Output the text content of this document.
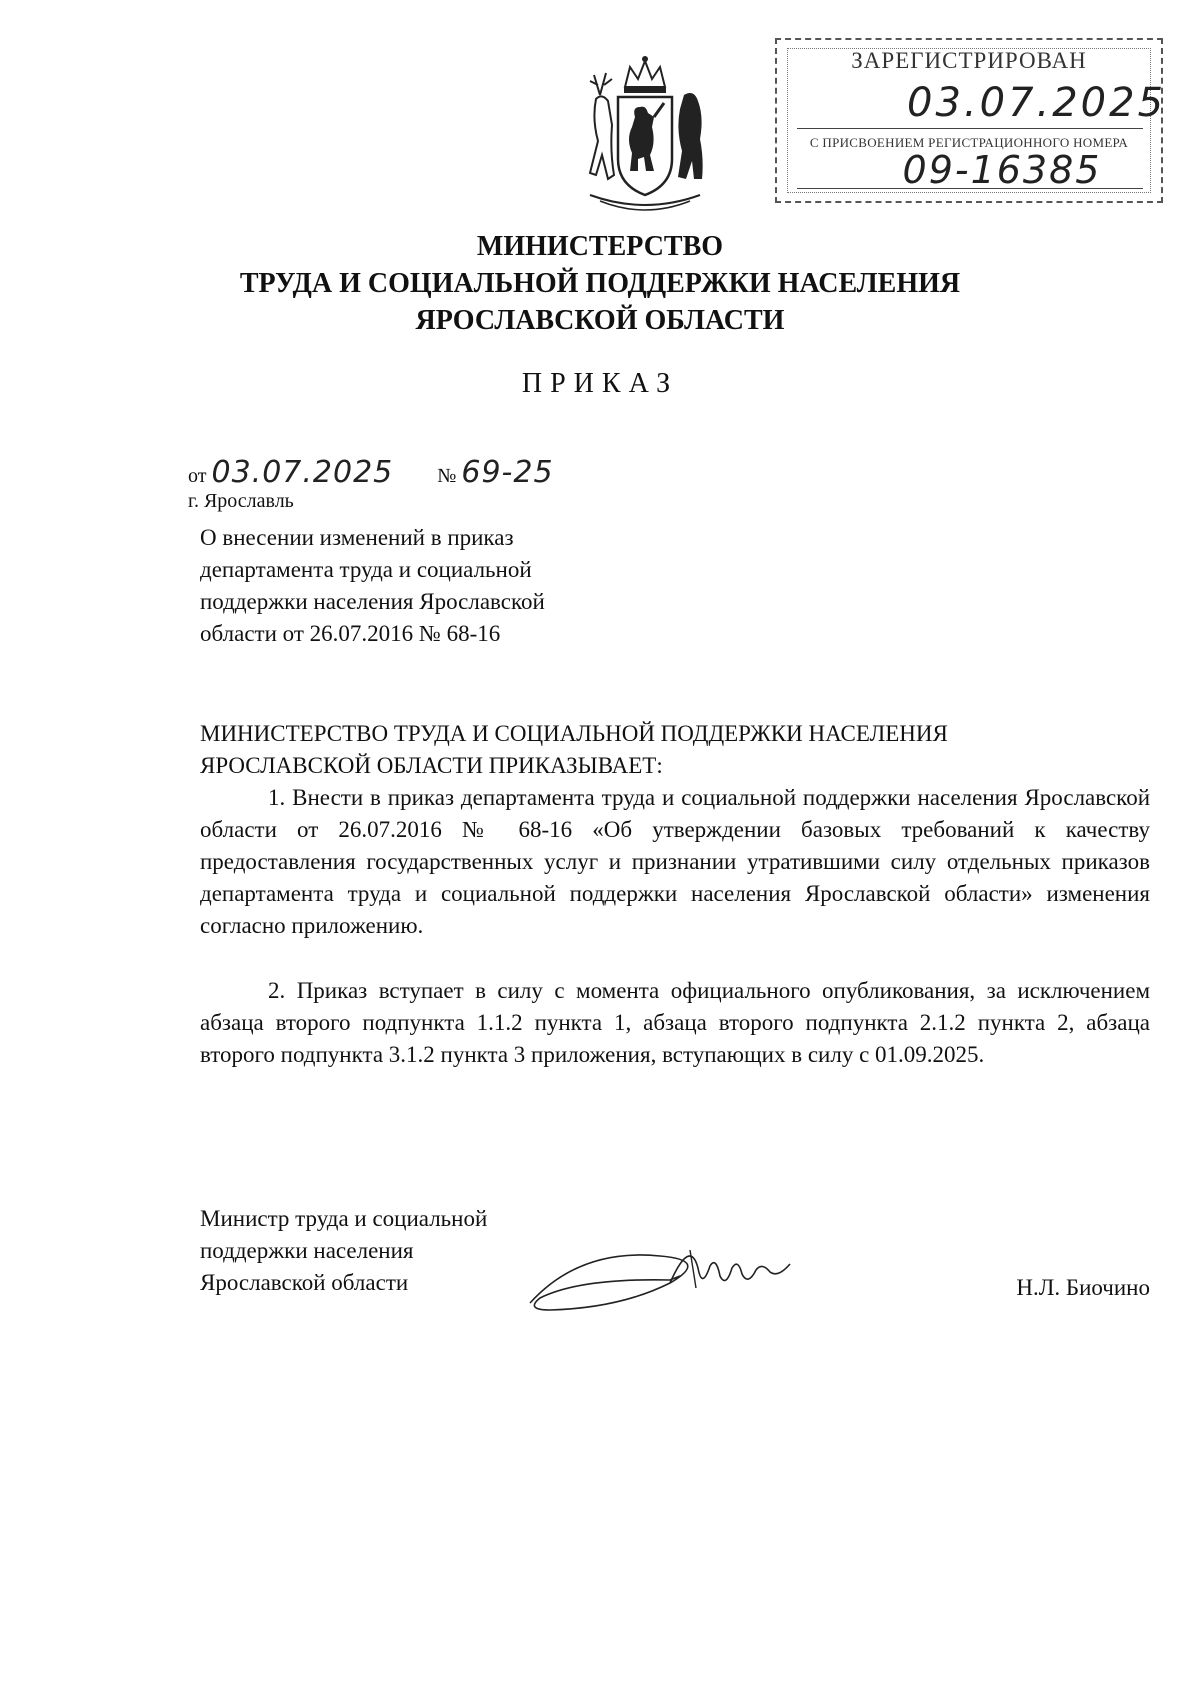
ЗАРЕГИСТРИРОВАН
03.07.2025
С ПРИСВОЕНИЕМ РЕГИСТРАЦИОННОГО НОМЕРА
09-16385
МИНИСТЕРСТВО
ТРУДА И СОЦИАЛЬНОЙ ПОДДЕРЖКИ НАСЕЛЕНИЯ
ЯРОСЛАВСКОЙ ОБЛАСТИ
ПРИКАЗ
от 03.07.2025 № 69-25
г. Ярославль
О внесении изменений в приказ
департамента труда и социальной
поддержки населения Ярославской
области от 26.07.2016 № 68-16
МИНИСТЕРСТВО ТРУДА И СОЦИАЛЬНОЙ ПОДДЕРЖКИ НАСЕЛЕНИЯ
ЯРОСЛАВСКОЙ ОБЛАСТИ ПРИКАЗЫВАЕТ:
1. Внести в приказ департамента труда и социальной поддержки населения Ярославской области от 26.07.2016 № 68-16 «Об утверждении базовых требований к качеству предоставления государственных услуг и признании утратившими силу отдельных приказов департамента труда и социальной поддержки населения Ярославской области» изменения согласно приложению.
2. Приказ вступает в силу с момента официального опубликования, за исключением абзаца второго подпункта 1.1.2 пункта 1, абзаца второго подпункта 2.1.2 пункта 2, абзаца второго подпункта 3.1.2 пункта 3 приложения, вступающих в силу с 01.09.2025.
Министр труда и социальной
поддержки населения
Ярославской области	Н.Л. Биочино
